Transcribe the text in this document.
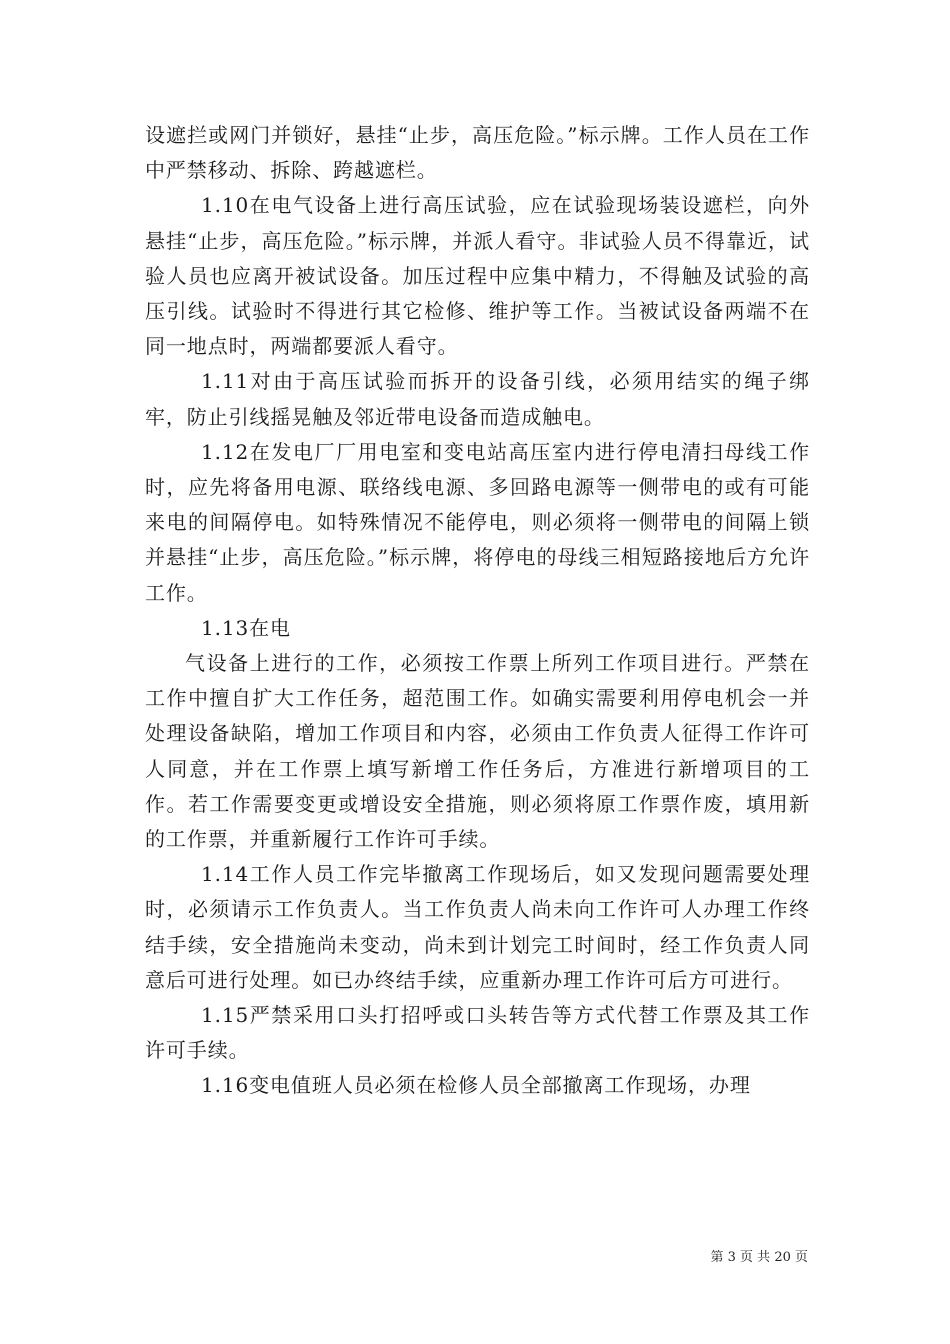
设遮拦或网门并锁好，悬挂“止步，高压危险。”标示牌。工作人员在工作中严禁移动、拆除、跨越遮栏。

1.10在电气设备上进行高压试验，应在试验现场装设遮栏，向外悬挂“止步，高压危险。”标示牌，并派人看守。非试验人员不得靠近，试验人员也应离开被试设备。加压过程中应集中精力，不得触及试验的高压引线。试验时不得进行其它检修、维护等工作。当被试设备两端不在同一地点时，两端都要派人看守。

1.11对由于高压试验而拆开的设备引线，必须用结实的绳子绑牢，防止引线摇晃触及邻近带电设备而造成触电。

1.12在发电厂厂用电室和变电站高压室内进行停电清扫母线工作时，应先将备用电源、联络线电源、多回路电源等一侧带电的或有可能来电的间隔停电。如特殊情况不能停电，则必须将一侧带电的间隔上锁并悬挂“止步，高压危险。”标示牌，将停电的母线三相短路接地后方允许工作。

1.13在电

气设备上进行的工作，必须按工作票上所列工作项目进行。严禁在工作中擅自扩大工作任务，超范围工作。如确实需要利用停电机会一并处理设备缺陷，增加工作项目和内容，必须由工作负责人征得工作许可人同意，并在工作票上填写新增工作任务后，方准进行新增项目的工作。若工作需要变更或增设安全措施，则必须将原工作票作废，填用新的工作票，并重新履行工作许可手续。

1.14工作人员工作完毕撤离工作现场后，如又发现问题需要处理时，必须请示工作负责人。当工作负责人尚未向工作许可人办理工作终结手续，安全措施尚未变动，尚未到计划完工时间时，经工作负责人同意后可进行处理。如已办终结手续，应重新办理工作许可后方可进行。

1.15严禁采用口头打招呼或口头转告等方式代替工作票及其工作许可手续。

1.16变电值班人员必须在检修人员全部撤离工作现场，办理

第 3 页 共 20 页
